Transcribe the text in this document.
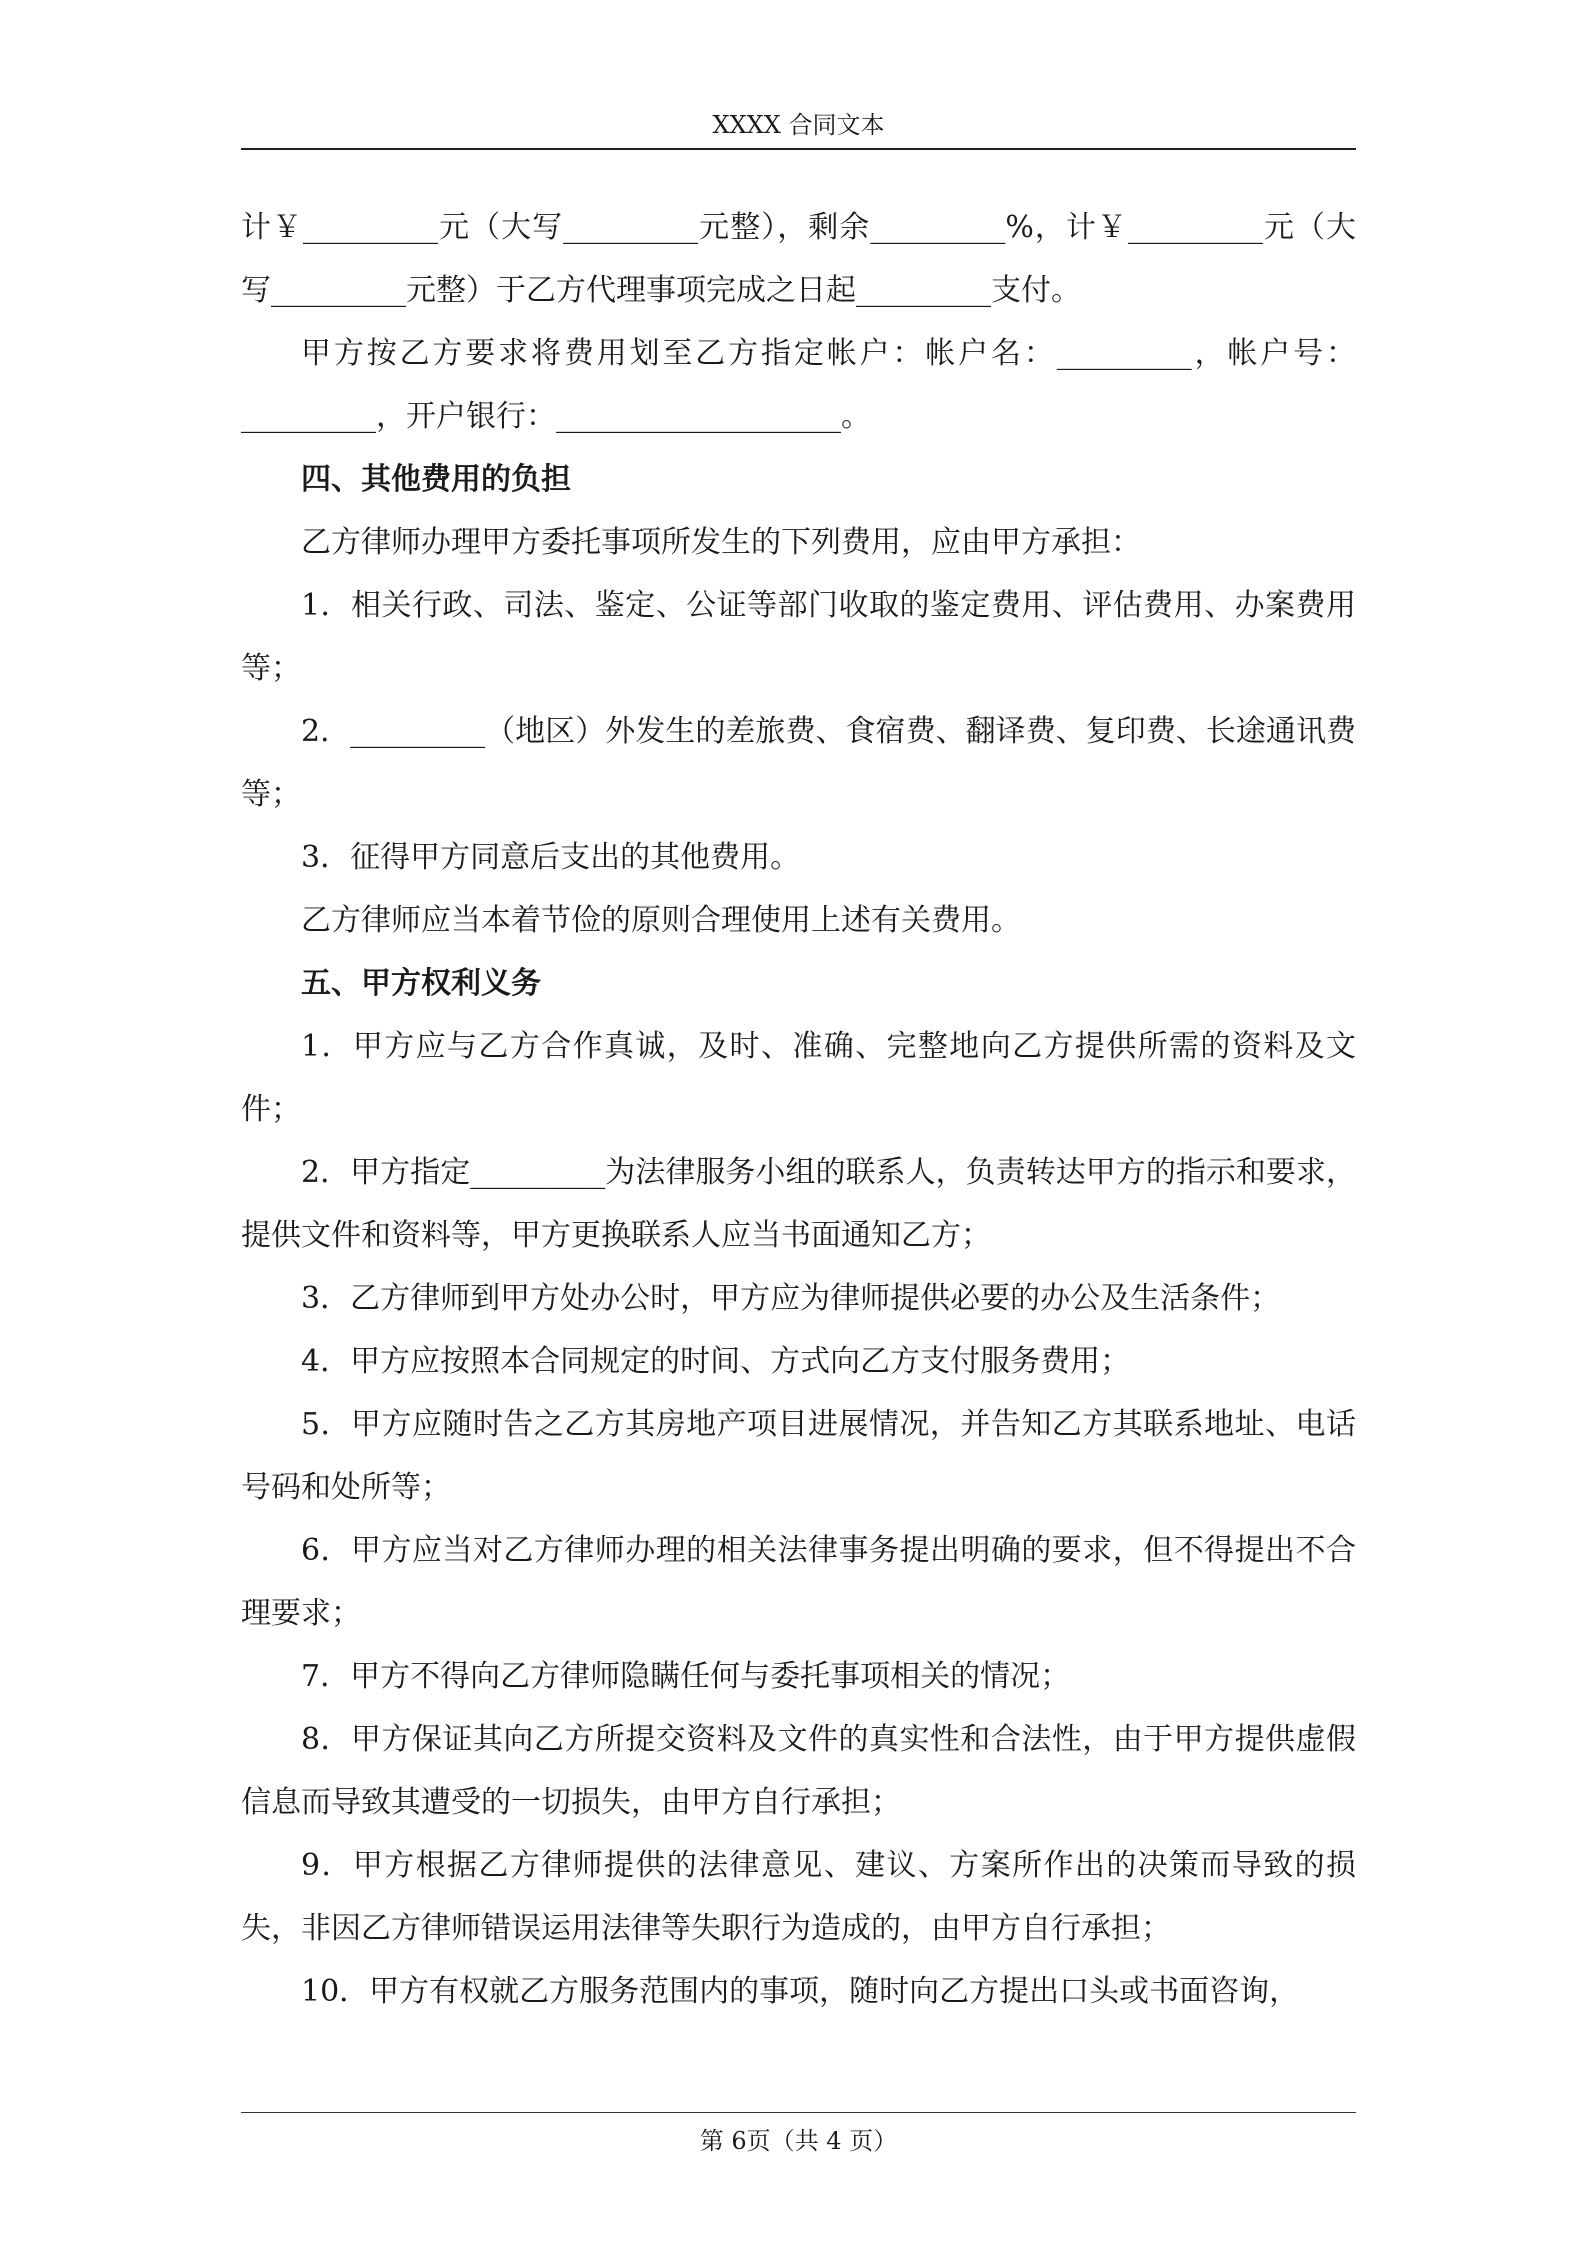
XXXX 合同文本

计￥_________元（大写_________元整），剩余_________%，计￥_________元（大写_________元整）于乙方代理事项完成之日起_________支付。

甲方按乙方要求将费用划至乙方指定帐户：帐户名：_________，帐户号：_________，开户银行：___________________。

四、其他费用的负担

乙方律师办理甲方委托事项所发生的下列费用，应由甲方承担：

1．相关行政、司法、鉴定、公证等部门收取的鉴定费用、评估费用、办案费用等；

2．_________（地区）外发生的差旅费、食宿费、翻译费、复印费、长途通讯费等；

3．征得甲方同意后支出的其他费用。

乙方律师应当本着节俭的原则合理使用上述有关费用。

五、甲方权利义务

1．甲方应与乙方合作真诚，及时、准确、完整地向乙方提供所需的资料及文件；

2．甲方指定_________为法律服务小组的联系人，负责转达甲方的指示和要求，提供文件和资料等，甲方更换联系人应当书面通知乙方；

3．乙方律师到甲方处办公时，甲方应为律师提供必要的办公及生活条件；

4．甲方应按照本合同规定的时间、方式向乙方支付服务费用；

5．甲方应随时告之乙方其房地产项目进展情况，并告知乙方其联系地址、电话号码和处所等；

6．甲方应当对乙方律师办理的相关法律事务提出明确的要求，但不得提出不合理要求；

7．甲方不得向乙方律师隐瞒任何与委托事项相关的情况；

8．甲方保证其向乙方所提交资料及文件的真实性和合法性，由于甲方提供虚假信息而导致其遭受的一切损失，由甲方自行承担；

9．甲方根据乙方律师提供的法律意见、建议、方案所作出的决策而导致的损失，非因乙方律师错误运用法律等失职行为造成的，由甲方自行承担；

10．甲方有权就乙方服务范围内的事项，随时向乙方提出口头或书面咨询，

第 6页（共 4 页）
